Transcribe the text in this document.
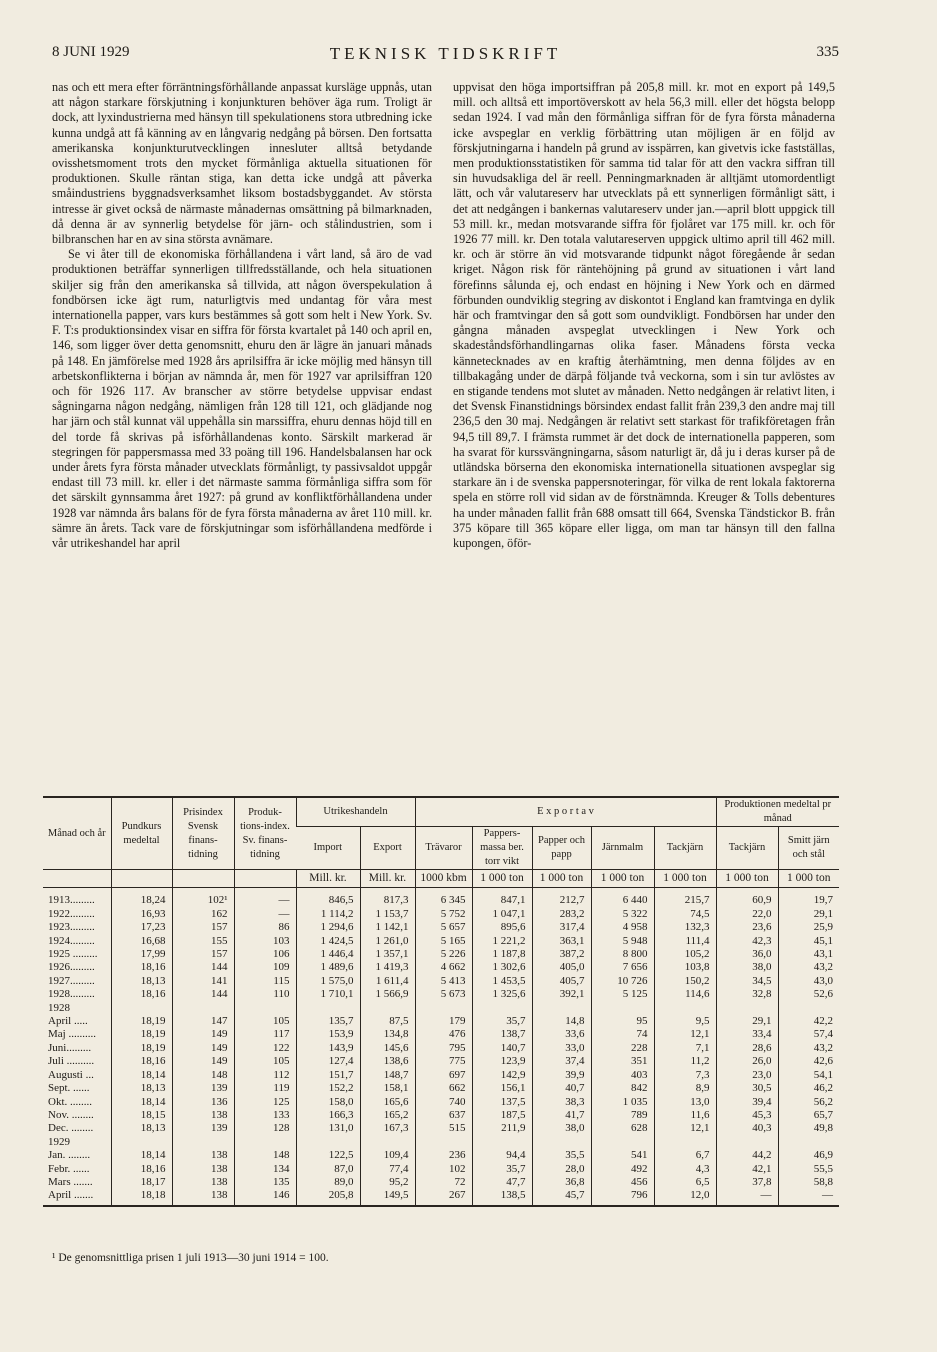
8 JUNI 1929	TEKNISK TIDSKRIFT	335

nas och ett mera efter förräntningsförhållande anpassat kursläge uppnås, utan att någon starkare förskjutning i konjunkturen behöver äga rum. Troligt är dock, att lyxindustrierna med hänsyn till spekulationens stora utbredning icke kunna undgå att få känning av en långvarig nedgång på börsen. Den fortsatta amerikanska konjunkturutvecklingen innesluter alltså betydande ovisshetsmoment trots den mycket förmånliga aktuella situationen för produktionen. Skulle räntan stiga, kan detta icke undgå att påverka småindustriens byggnadsverksamhet liksom bostadsbyggandet. Av största intresse är givet också de närmaste månadernas omsättning på bilmarknaden, då denna är av synnerlig betydelse för järn- och stålindustrien, som i bilbranschen har en av sina största avnämare.

Se vi åter till de ekonomiska förhållandena i vårt land, så äro de vad produktionen beträffar synnerligen tillfredsställande, och hela situationen skiljer sig från den amerikanska så tillvida, att någon överspekulation å fondbörsen icke ägt rum, naturligtvis med undantag för våra mest internationella papper, vars kurs bestämmes så gott som helt i New York. Sv. F. T:s produktionsindex visar en siffra för första kvartalet på 140 och april en, 146, som ligger över detta genomsnitt, ehuru den är lägre än januari månads på 148. En jämförelse med 1928 års aprilsiffra är icke möjlig med hänsyn till arbetskonflikterna i början av nämnda år, men för 1927 var aprilsiffran 120 och för 1926 117. Av branscher av större betydelse uppvisar endast sågningarna någon nedgång, nämligen från 128 till 121, och glädjande nog har järn och stål kunnat väl uppehålla sin marssiffra, ehuru dennas höjd till en del torde få skrivas på isförhållandenas konto. Särskilt markerad är stegringen för pappersmassa med 33 poäng till 196. Handelsbalansen har ock under årets fyra första månader utvecklats förmånligt, ty passivsaldot uppgår endast till 73 mill. kr. eller i det närmaste samma förmånliga siffra som för det särskilt gynnsamma året 1927: på grund av konfliktförhållandena under 1928 var nämnda års balans för de fyra första månaderna av året 110 mill. kr. sämre än årets. Tack vare de förskjutningar som isförhållandena medförde i vår utrikeshandel har april

uppvisat den höga importsiffran på 205,8 mill. kr. mot en export på 149,5 mill. och alltså ett importöverskott av hela 56,3 mill. eller det högsta belopp sedan 1924. I vad mån den förmånliga siffran för de fyra första månaderna icke avspeglar en verklig förbättring utan möjligen är en följd av förskjutningarna i handeln på grund av isspärren, kan givetvis icke fastställas, men produktionsstatistiken för samma tid talar för att den vackra siffran till sin huvudsakliga del är reell. Penningmarknaden är alltjämt utomordentligt lätt, och vår valutareserv har utvecklats på ett synnerligen förmånligt sätt, i det att nedgången i bankernas valutareserv under jan.—april blott uppgick till 53 mill. kr., medan motsvarande siffra för fjolåret var 175 mill. kr. och för 1926 77 mill. kr. Den totala valutareserven uppgick ultimo april till 462 mill. kr. och är större än vid motsvarande tidpunkt något föregående år sedan kriget. Någon risk för räntehöjning på grund av situationen i vårt land förefinns sålunda ej, och endast en höjning i New York och en därmed förbunden oundviklig stegring av diskontot i England kan framtvinga en dylik här och framtvingar den så gott som oundvikligt. Fondbörsen har under den gångna månaden avspeglat utvecklingen i New York och skadeståndsförhandlingarnas olika faser. Månadens första vecka kännetecknades av en kraftig återhämtning, men denna följdes av en tillbakagång under de därpå följande två veckorna, som i sin tur avlöstes av en stigande tendens mot slutet av månaden. Netto nedgången är relativt liten, i det Svensk Finanstidnings börsindex endast fallit från 239,3 den andre maj till 236,5 den 30 maj. Nedgången är relativt sett starkast för trafikföretagen från 94,5 till 89,7. I främsta rummet är det dock de internationella papperen, som ha svarat för kurssvängningarna, såsom naturligt är, då ju i deras kurser på de utländska börserna den ekonomiska internationella situationen avspeglar sig starkare än i de svenska pappersnoteringar, för vilka de rent lokala faktorerna spela en större roll vid sidan av de förstnämnda. Kreuger & Tolls debentures ha under månaden fallit från 688 omsatt till 664, Svenska Tändstickor B. från 375 köpare till 365 köpare eller ligga, om man tar hänsyn till den fallna kupongen, öför-

Månad och år	Pundkurs medeltal	Prisindex Svensk finans-tidning	Produk-tions-index. Sv. finans-tidning	Utrikeshandeln		E x p o r t a v					Produktionen medeltal pr månad	
				Import	Export	Trävaror	Pappers-massa ber. torr vikt	Papper och papp	Järnmalm	Tackjärn	Tackjärn	Smitt järn och stål
				Mill. kr.	Mill. kr.	1000 kbm	1 000 ton	1 000 ton	1 000 ton	1 000 ton	1 000 ton	1 000 ton
1913.........	18,24	102¹	—	846,5	817,3	6 345	847,1	212,7	6 440	215,7	60,9	19,7
1922.........	16,93	162	—	1 114,2	1 153,7	5 752	1 047,1	283,2	5 322	74,5	22,0	29,1
1923.........	17,23	157	86	1 294,6	1 142,1	5 657	895,6	317,4	4 958	132,3	23,6	25,9
1924.........	16,68	155	103	1 424,5	1 261,0	5 165	1 221,2	363,1	5 948	111,4	42,3	45,1
1925 .........	17,99	157	106	1 446,4	1 357,1	5 226	1 187,8	387,2	8 800	105,2	36,0	43,1
1926.........	18,16	144	109	1 489,6	1 419,3	4 662	1 302,6	405,0	7 656	103,8	38,0	43,2
1927.........	18,13	141	115	1 575,0	1 611,4	5 413	1 453,5	405,7	10 726	150,2	34,5	43,0
1928.........	18,16	144	110	1 710,1	1 566,9	5 673	1 325,6	392,1	5 125	114,6	32,8	52,6
1928												
April .....	18,19	147	105	135,7	87,5	179	35,7	14,8	95	9,5	29,1	42,2
Maj ..........	18,19	149	117	153,9	134,8	476	138,7	33,6	74	12,1	33,4	57,4
Juni.........	18,19	149	122	143,9	145,6	795	140,7	33,0	228	7,1	28,6	43,2
Juli ..........	18,16	149	105	127,4	138,6	775	123,9	37,4	351	11,2	26,0	42,6
Augusti ...	18,14	148	112	151,7	148,7	697	142,9	39,9	403	7,3	23,0	54,1
Sept. ......	18,13	139	119	152,2	158,1	662	156,1	40,7	842	8,9	30,5	46,2
Okt. ........	18,14	136	125	158,0	165,6	740	137,5	38,3	1 035	13,0	39,4	56,2
Nov. ........	18,15	138	133	166,3	165,2	637	187,5	41,7	789	11,6	45,3	65,7
Dec. ........	18,13	139	128	131,0	167,3	515	211,9	38,0	628	12,1	40,3	49,8
1929												
Jan. ........	18,14	138	148	122,5	109,4	236	94,4	35,5	541	6,7	44,2	46,9
Febr. ......	18,16	138	134	87,0	77,4	102	35,7	28,0	492	4,3	42,1	55,5
Mars .......	18,17	138	135	89,0	95,2	72	47,7	36,8	456	6,5	37,8	58,8
April .......	18,18	138	146	205,8	149,5	267	138,5	45,7	796	12,0	—	—
¹ De genomsnittliga prisen 1 juli 1913—30 juni 1914 = 100.
